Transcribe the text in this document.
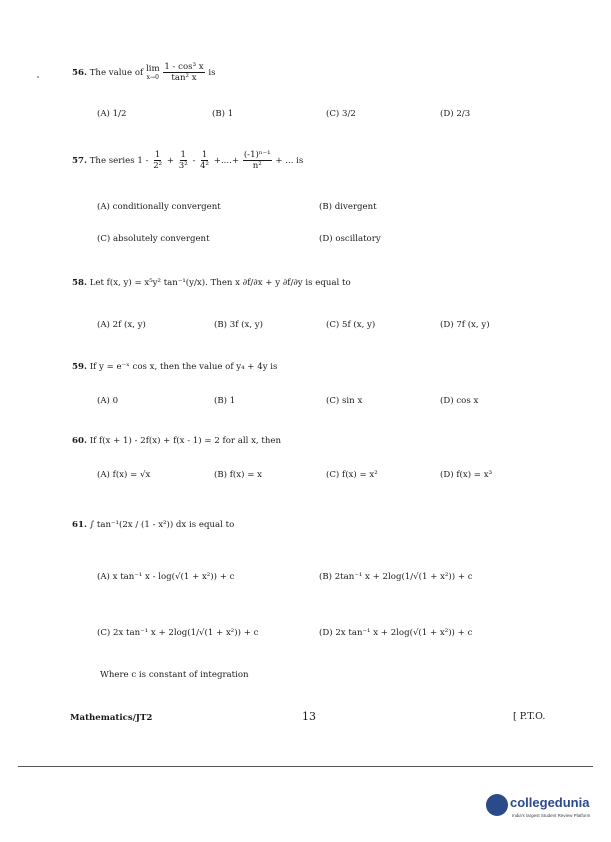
56. The value of lim
x→0
$\frac{\text{1 - cos³ x}}{\text{tan² x}}$ is
(A) 1/2	(B) 1	(C) 3/2	(D) 2/3
57. The series $1 - \frac{1}{\text{2²}} + \frac{1}{\text{3²}} - \frac{1}{\text{4²}}$ +....+ $\frac{\text{(-1)ⁿ⁻¹}}{\text{n²}}$ + ... is
(A) conditionally convergent	(B) divergent
(C) absolutely convergent	(D) oscillatory
58. Let f(x, y) = x⁵y² tan⁻¹(y/x). Then x ∂f/∂x + y ∂f/∂y is equal to
(A) 2f (x, y)	(B) 3f (x, y)	(C) 5f (x, y)	(D) 7f (x, y)
59. If y = e⁻ˣ cos x, then the value of y₄ + 4y is
(A) 0	(B) 1	(C) sin x	(D) cos x
60. If f(x + 1) - 2f(x) + f(x - 1) = 2 for all x, then
(A) f(x) = √x	(B) f(x) = x	(C) f(x) = x²	(D) f(x) = x³
61. ∫ tan⁻¹(2x / (1 - x²)) dx is equal to
(A) x tan⁻¹ x - log(√(1 + x²)) + c	(B) 2tan⁻¹ x + 2log(1/√(1 + x²)) + c
(C) 2x tan⁻¹ x + 2log(1/√(1 + x²)) + c	(D) 2x tan⁻¹ x + 2log(√(1 + x²)) + c
Where c is constant of integration
Mathematics/JT2	13	[ P.T.O.
collegedunia
India's largest Student Review Platform
